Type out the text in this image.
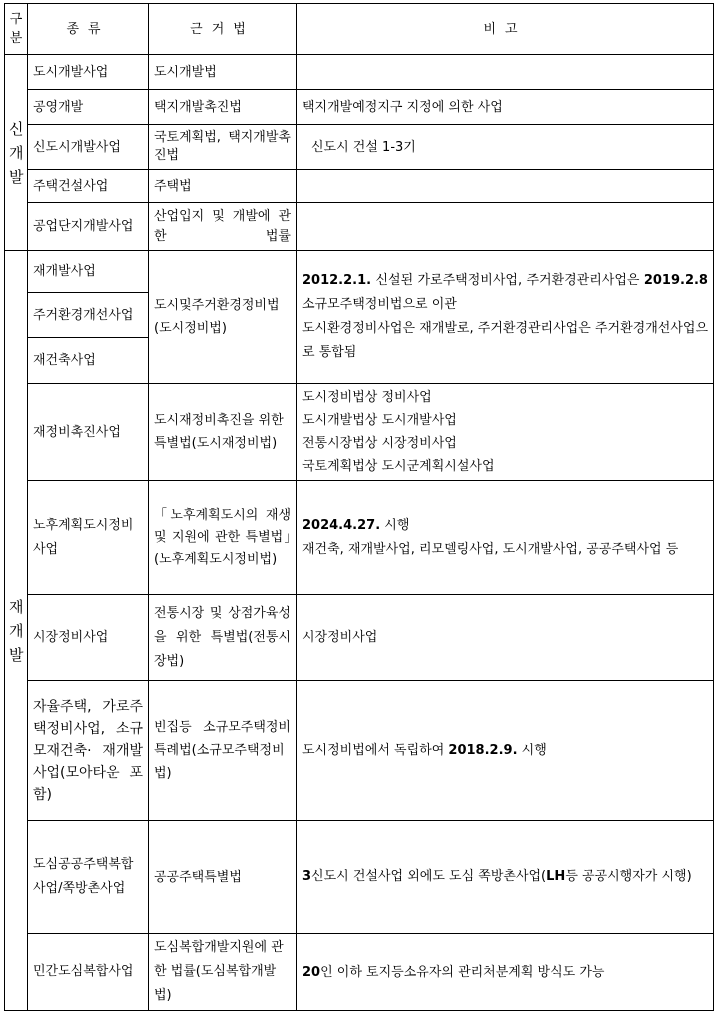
구분	종류	근거법	비고

신개발	도시개발사업	도시개발법	
	공영개발	택지개발촉진법	택지개발예정지구 지정에 의한 사업
	신도시개발사업	국토계획법, 택지개발촉진법	신도시 건설 1-3기
	주택건설사업	주택법	
	공업단지개발사업	산업입지 및 개발에 관한 법률	

재개발	재개발사업	도시및주거환경정비법(도시정비법)	2012.2.1. 신설된 가로주택정비사업, 주거환경관리사업은 2019.2.8 소규모주택정비법으로 이관
도시환경정비사업은 재개발로, 주거환경관리사업은 주거환경개선사업으로 통합됨
	주거환경개선사업		
	재건축사업		
	재정비촉진사업	도시재정비촉진을 위한 특별법(도시재정비법)	도시정비법상 정비사업
도시개발법상 도시개발사업
전통시장법상 시장정비사업
국토계획법상 도시군계획시설사업

	노후계획도시정비사업	「노후계획도시의 재생 및 지원에 관한 특별법」(노후계획도시정비법)	2024.4.27. 시행
재건축, 재개발사업, 리모델링사업, 도시개발사업, 공공주택사업 등
	시장정비사업	전통시장 및 상점가육성을 위한 특별법(전통시장법)	시장정비사업
	자율주택, 가로주택정비사업, 소규모재건축· 재개발사업(모아타운 포함)	빈집등 소규모주택정비특례법(소규모주택정비법)	도시정비법에서 독립하여 2018.2.9. 시행
	도심공공주택복합사업/쪽방촌사업	공공주택특별법	3신도시 건설사업 외에도 도심 쪽방촌사업(LH등 공공시행자가 시행)
	민간도심복합사업	도심복합개발지원에 관한 법률(도심복합개발법)	20인 이하 토지등소유자의 관리처분계획 방식도 가능
